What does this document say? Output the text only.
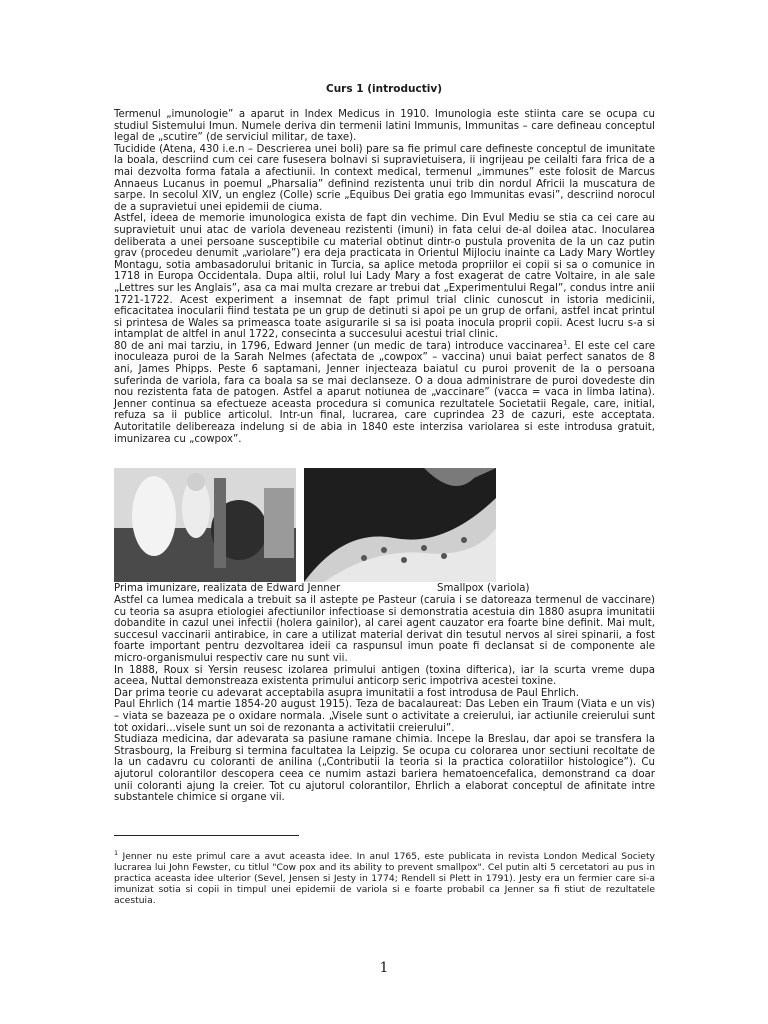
Curs 1 (introductiv)

Termenul „imunologie” a aparut in Index Medicus in 1910. Imunologia este stiinta care se ocupa cu studiul Sistemului Imun. Numele deriva din termenii latini Immunis, Immunitas – care defineau conceptul legal de „scutire” (de serviciul militar, de taxe).

Tucidide (Atena, 430 i.e.n – Descrierea unei boli) pare sa fie primul care defineste conceptul de imunitate la boala, descriind cum cei care fusesera bolnavi si supravietuisera, ii ingrijeau pe ceilalti fara frica de a mai dezvolta forma fatala a afectiunii. In context medical, termenul „immunes” este folosit de Marcus Annaeus Lucanus in poemul „Pharsalia” definind rezistenta unui trib din nordul Africii la muscatura de sarpe. In secolul XIV, un englez (Colle) scrie „Equibus Dei gratia ego Immunitas evasi”, descriind norocul de a supravietui unei epidemii de ciuma.

Astfel, ideea de memorie imunologica exista de fapt din vechime. Din Evul Mediu se stia ca cei care au supravietuit unui atac de variola deveneau rezistenti (imuni) in fata celui de-al doilea atac. Inocularea deliberata a unei persoane susceptibile cu material obtinut dintr-o pustula provenita de la un caz putin grav (procedeu denumit „variolare”) era deja practicata in Orientul Mijlociu inainte ca Lady Mary Wortley Montagu, sotia ambasadorului britanic in Turcia, sa aplice metoda propriilor ei copii si sa o comunice in 1718 in Europa Occidentala. Dupa altii, rolul lui Lady Mary a fost exagerat de catre Voltaire, in ale sale „Lettres sur les Anglais”, asa ca mai multa crezare ar trebui dat „Experimentului Regal”, condus intre anii 1721-1722. Acest experiment a insemnat de fapt primul trial clinic cunoscut in istoria medicinii, eficacitatea inocularii fiind testata pe un grup de detinuti si apoi pe un grup de orfani, astfel incat printul si printesa de Wales sa primeasca toate asigurarile si sa isi poata inocula proprii copii. Acest lucru s-a si intamplat de altfel in anul 1722, consecinta a succesului acestui trial clinic.

80 de ani mai tarziu, in 1796, Edward Jenner (un medic de tara) introduce vaccinarea$^1$. El este cel care inoculeaza puroi de la Sarah Nelmes (afectata de „cowpox” – vaccina) unui baiat perfect sanatos de 8 ani, James Phipps. Peste 6 saptamani, Jenner injecteaza baiatul cu puroi provenit de la o persoana suferinda de variola, fara ca boala sa se mai declanseze. O a doua administrare de puroi dovedeste din nou rezistenta fata de patogen. Astfel a aparut notiunea de „vaccinare” (vacca = vaca in limba latina). Jenner continua sa efectueze aceasta procedura si comunica rezultatele Societatii Regale, care, initial, refuza sa ii publice articolul. Intr-un final, lucrarea, care cuprindea 23 de cazuri, este acceptata. Autoritatile delibereaza indelung si de abia in 1840 este interzisa variolarea si este introdusa gratuit, imunizarea cu „cowpox”.

Prima imunizare, realizata de Edward Jenner	Smallpox (variola)

Astfel ca lumea medicala a trebuit sa il astepte pe Pasteur (caruia i se datoreaza termenul de vaccinare) cu teoria sa asupra etiologiei afectiunilor infectioase si demonstratia acestuia din 1880 asupra imunitatii dobandite in cazul unei infectii (holera gainilor), al carei agent cauzator era foarte bine definit. Mai mult, succesul vaccinarii antirabice, in care a utilizat material derivat din tesutul nervos al sirei spinarii, a fost foarte important pentru dezvoltarea ideii ca raspunsul imun poate fi declansat si de componente ale micro-organismului respectiv care nu sunt vii.

In 1888, Roux si Yersin reusesc izolarea primului antigen (toxina difterica), iar la scurta vreme dupa aceea, Nuttal demonstreaza existenta primului anticorp seric impotriva acestei toxine.

Dar prima teorie cu adevarat acceptabila asupra imunitatii a fost introdusa de Paul Ehrlich.

Paul Ehrlich (14 martie 1854-20 august 1915). Teza de bacalaureat: Das Leben ein Traum (Viata e un vis) – viata se bazeaza pe o oxidare normala. „Visele sunt o activitate a creierului, iar actiunile creierului sunt tot oxidari...visele sunt un soi de rezonanta a activitatii creierului”.

Studiaza medicina, dar adevarata sa pasiune ramane chimia. Incepe la Breslau, dar apoi se transfera la Strasbourg, la Freiburg si termina facultatea la Leipzig. Se ocupa cu colorarea unor sectiuni recoltate de la un cadavru cu coloranti de anilina („Contributii la teoria si la practica coloratiilor histologice”). Cu ajutorul colorantilor descopera ceea ce numim astazi bariera hematoencefalica, demonstrand ca doar unii coloranti ajung la creier. Tot cu ajutorul colorantilor, Ehrlich a elaborat conceptul de afinitate intre substantele chimice si organe vii.

$^1$ Jenner nu este primul care a avut aceasta idee. In anul 1765, este publicata in revista London Medical Society lucrarea lui John Fewster, cu titlul "Cow pox and its ability to prevent smallpox". Cel putin alti 5 cercetatori au pus in practica aceasta idee ulterior (Sevel, Jensen si Jesty in 1774; Rendell si Plett in 1791). Jesty era un fermier care si-a imunizat sotia si copii in timpul unei epidemii de variola si e foarte probabil ca Jenner sa fi stiut de rezultatele acestuia.
1
